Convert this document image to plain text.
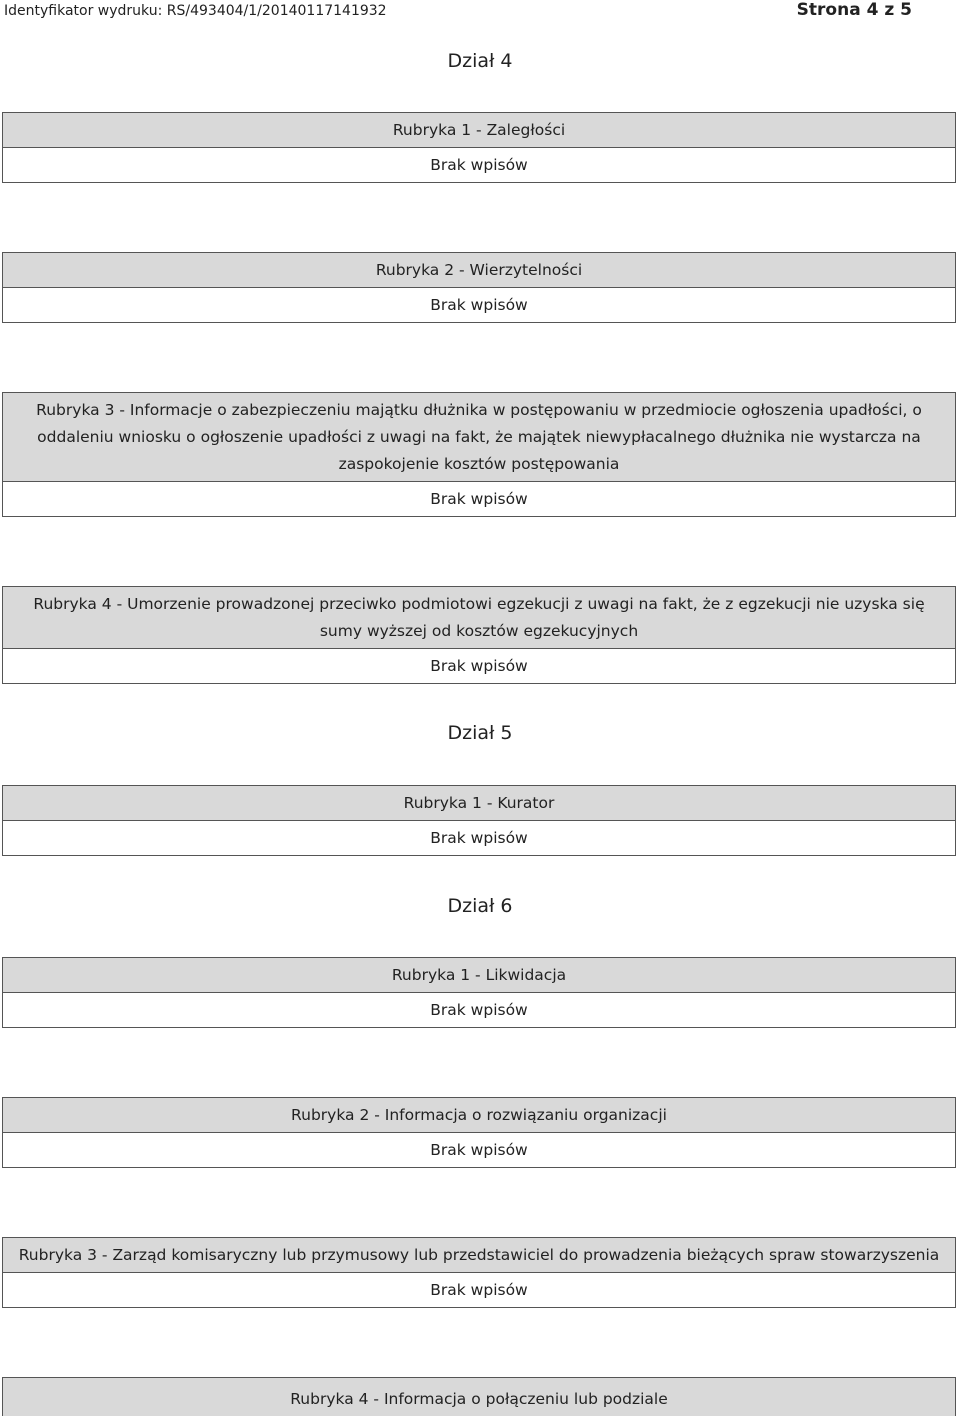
Identyfikator wydruku: RS/493404/1/20140117141932	Strona 4 z 5
Dział 4
Rubryka 1 - Zaległości
Brak wpisów
Rubryka 2 - Wierzytelności
Brak wpisów
Rubryka 3 - Informacje o zabezpieczeniu majątku dłużnika w postępowaniu w przedmiocie ogłoszenia upadłości, o oddaleniu wniosku o ogłoszenie upadłości z uwagi na fakt, że majątek niewypłacalnego dłużnika nie wystarcza na zaspokojenie kosztów postępowania
Brak wpisów
Rubryka 4 - Umorzenie prowadzonej przeciwko podmiotowi egzekucji z uwagi na fakt, że z egzekucji nie uzyska się sumy wyższej od kosztów egzekucyjnych
Brak wpisów
Dział 5
Rubryka 1 - Kurator
Brak wpisów
Dział 6
Rubryka 1 - Likwidacja
Brak wpisów
Rubryka 2 - Informacja o rozwiązaniu organizacji
Brak wpisów
Rubryka 3 - Zarząd komisaryczny lub przymusowy lub przedstawiciel do prowadzenia bieżących spraw stowarzyszenia
Brak wpisów
Rubryka 4 - Informacja o połączeniu lub podziale
